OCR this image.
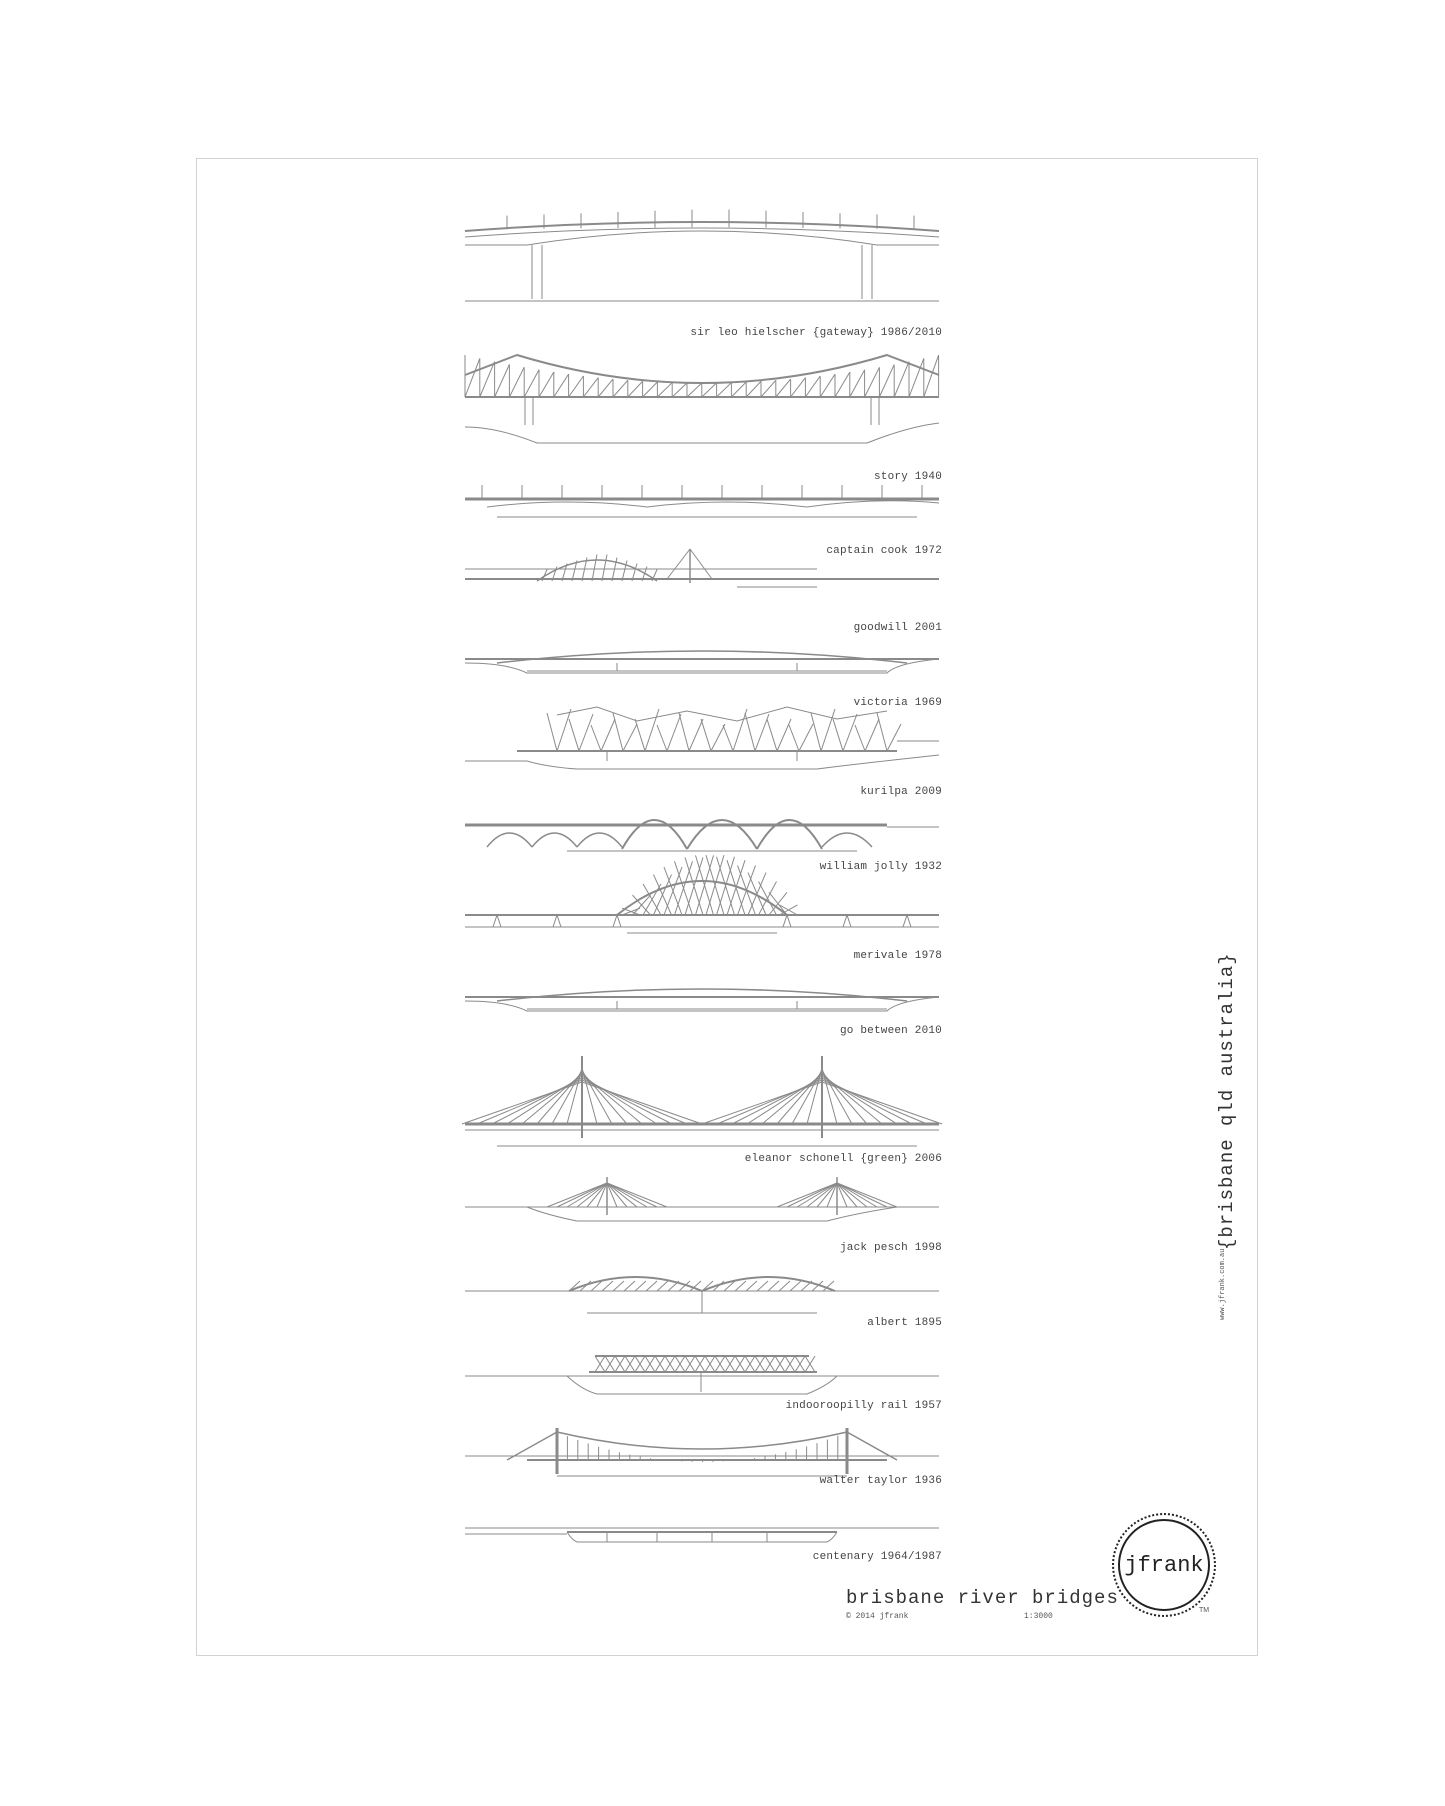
sir leo hielscher {gateway} 1986/2010
story 1940
captain cook 1972
goodwill 2001
victoria 1969
kurilpa 2009
william jolly 1932
merivale 1978
go between 2010
eleanor schonell {green} 2006
jack pesch 1998
albert 1895
indooroopilly rail 1957
walter taylor 1936
centenary 1964/1987
{brisbane qld australia}
www.jfrank.com.au
jfrank
TM
brisbane river bridges
© 2014 jfrank	1:3000
